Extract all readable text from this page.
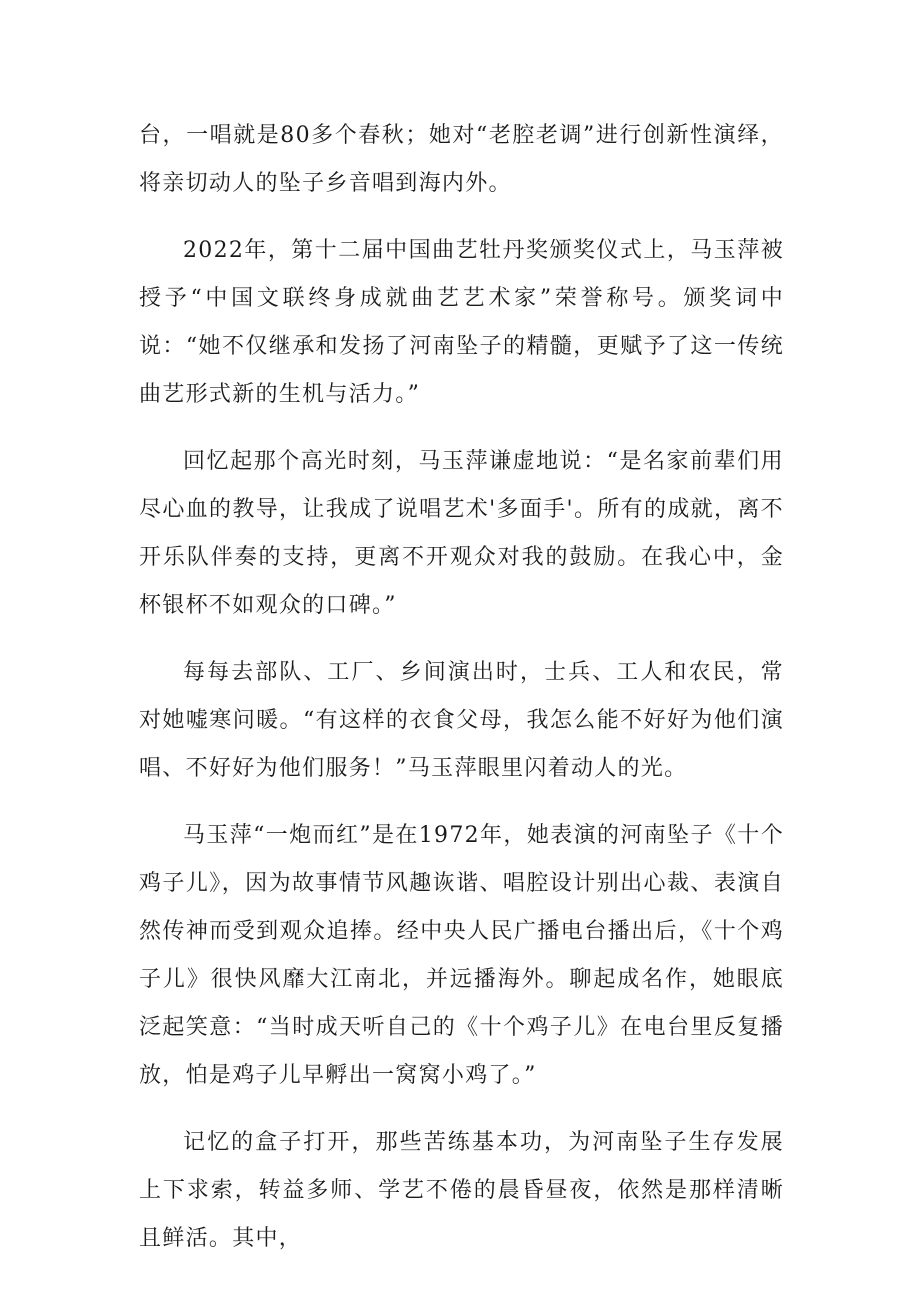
台，一唱就是80多个春秋；她对“老腔老调”进行创新性演绎，将亲切动人的坠子乡音唱到海内外。

2022年，第十二届中国曲艺牡丹奖颁奖仪式上，马玉萍被授予“中国文联终身成就曲艺艺术家”荣誉称号。颁奖词中说：“她不仅继承和发扬了河南坠子的精髓，更赋予了这一传统曲艺形式新的生机与活力。”

回忆起那个高光时刻，马玉萍谦虚地说：“是名家前辈们用尽心血的教导，让我成了说唱艺术'多面手'。所有的成就，离不开乐队伴奏的支持，更离不开观众对我的鼓励。在我心中，金杯银杯不如观众的口碑。”

每每去部队、工厂、乡间演出时，士兵、工人和农民，常对她嘘寒问暖。“有这样的衣食父母，我怎么能不好好为他们演唱、不好好为他们服务！”马玉萍眼里闪着动人的光。

马玉萍“一炮而红”是在1972年，她表演的河南坠子《十个鸡子儿》，因为故事情节风趣诙谐、唱腔设计别出心裁、表演自然传神而受到观众追捧。经中央人民广播电台播出后，《十个鸡子儿》很快风靡大江南北，并远播海外。聊起成名作，她眼底泛起笑意：“当时成天听自己的《十个鸡子儿》在电台里反复播放，怕是鸡子儿早孵出一窝窝小鸡了。”

记忆的盒子打开，那些苦练基本功，为河南坠子生存发展上下求索，转益多师、学艺不倦的晨昏昼夜，依然是那样清晰且鲜活。其中，
